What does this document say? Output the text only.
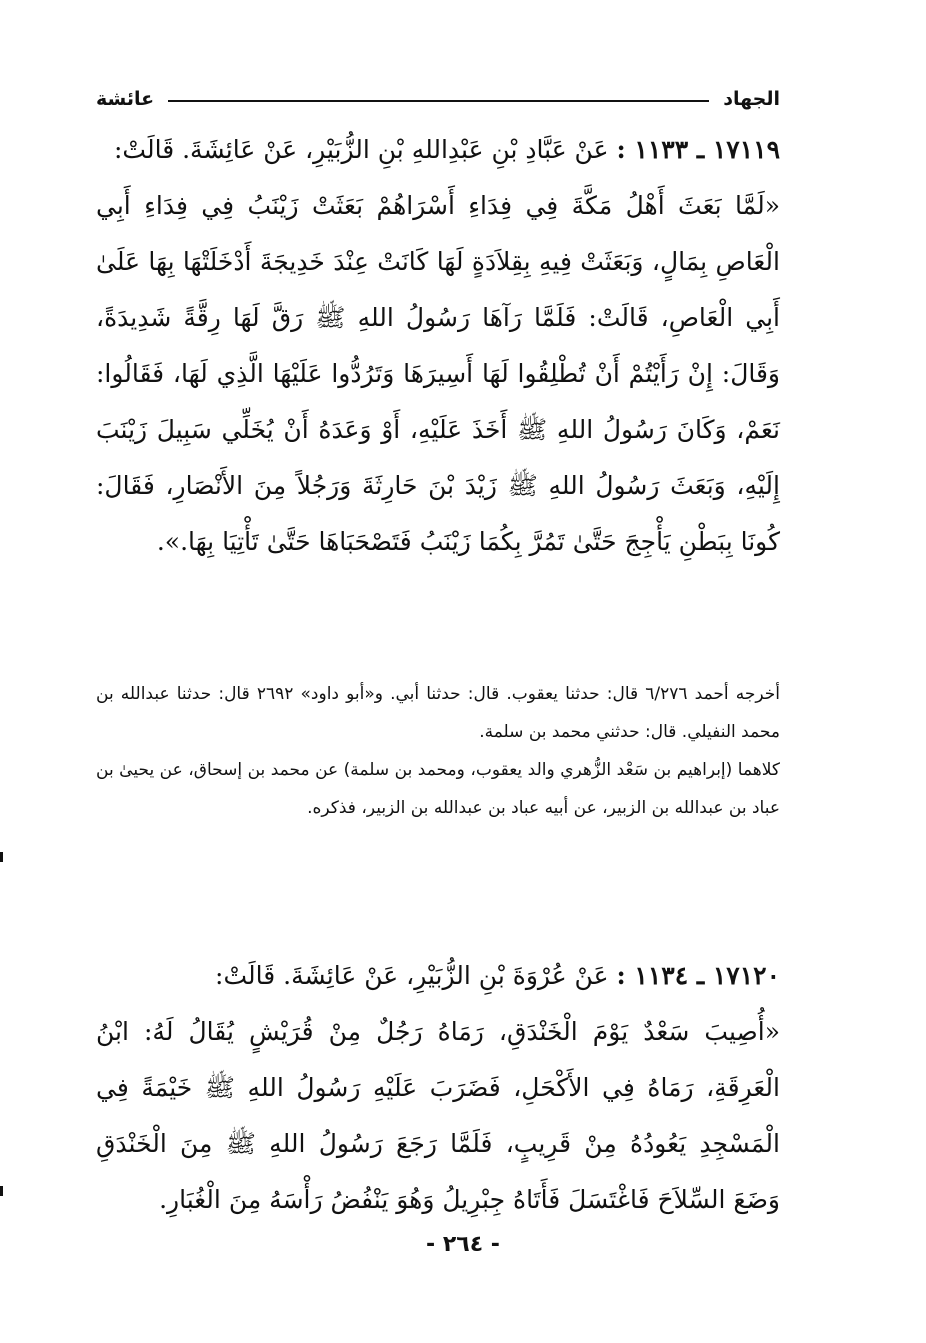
الجهاد
عائشة

١٧١١٩ ـ ١١٣٣ : عَنْ عَبَّادِ بْنِ عَبْدِاللهِ بْنِ الزُّبَيْرِ، عَنْ عَائِشَةَ. قَالَتْ:

«لَمَّا بَعَثَ أَهْلُ مَكَّةَ فِي فِدَاءِ أَسْرَاهُمْ بَعَثَتْ زَيْنَبُ فِي فِدَاءِ أَبِي الْعَاصِ بِمَالٍ، وَبَعَثَتْ فِيهِ بِقِلاَدَةٍ لَهَا كَانَتْ عِنْدَ خَدِيجَةَ أَدْخَلَتْهَا بِهَا عَلَىٰ أَبِي الْعَاصِ، قَالَتْ: فَلَمَّا رَآهَا رَسُولُ اللهِ ﷺ رَقَّ لَهَا رِقَّةً شَدِيدَةً، وَقَالَ: إِنْ رَأَيْتُمْ أَنْ تُطْلِقُوا لَهَا أَسِيرَهَا وَتَرُدُّوا عَلَيْهَا الَّذِي لَهَا، فَقَالُوا: نَعَمْ، وَكَانَ رَسُولُ اللهِ ﷺ أَخَذَ عَلَيْهِ، أَوْ وَعَدَهُ أَنْ يُخَلِّي سَبِيلَ زَيْنَبَ إِلَيْهِ، وَبَعَثَ رَسُولُ اللهِ ﷺ زَيْدَ بْنَ حَارِثَةَ وَرَجُلاً مِنَ الأَنْصَارِ، فَقَالَ: كُونَا بِبَطْنِ يَأْجِجَ حَتَّىٰ تَمُرَّ بِكُمَا زَيْنَبُ فَتَصْحَبَاهَا حَتَّىٰ تَأْتِيَا بِهَا.».

أخرجه أحمد ٦/٢٧٦ قال: حدثنا يعقوب. قال: حدثنا أبي. و«أبو داود» ٢٦٩٢ قال: حدثنا عبدالله بن محمد النفيلي. قال: حدثني محمد بن سلمة.

كلاهما (إبراهيم بن سَعْد الزُّهري والد يعقوب، ومحمد بن سلمة) عن محمد بن إسحاق، عن يحيىٰ بن عباد بن عبدالله بن الزبير، عن أبيه عباد بن عبدالله بن الزبير، فذكره.

١٧١٢٠ ـ ١١٣٤ : عَنْ عُرْوَةَ بْنِ الزُّبَيْرِ، عَنْ عَائِشَةَ. قَالَتْ:

«أُصِيبَ سَعْدٌ يَوْمَ الْخَنْدَقِ، رَمَاهُ رَجُلٌ مِنْ قُرَيْشٍ يُقَالُ لَهُ: ابْنُ الْعَرِقَةِ، رَمَاهُ فِي الأَكْحَلِ، فَضَرَبَ عَلَيْهِ رَسُولُ اللهِ ﷺ خَيْمَةً فِي الْمَسْجِدِ يَعُودُهُ مِنْ قَرِيبٍ، فَلَمَّا رَجَعَ رَسُولُ اللهِ ﷺ مِنَ الْخَنْدَقِ وَضَعَ السِّلاَحَ فَاغْتَسَلَ فَأَتَاهُ جِبْرِيلُ وَهُوَ يَنْفُضُ رَأْسَهُ مِنَ الْغُبَارِ.

- ٢٦٤ -
